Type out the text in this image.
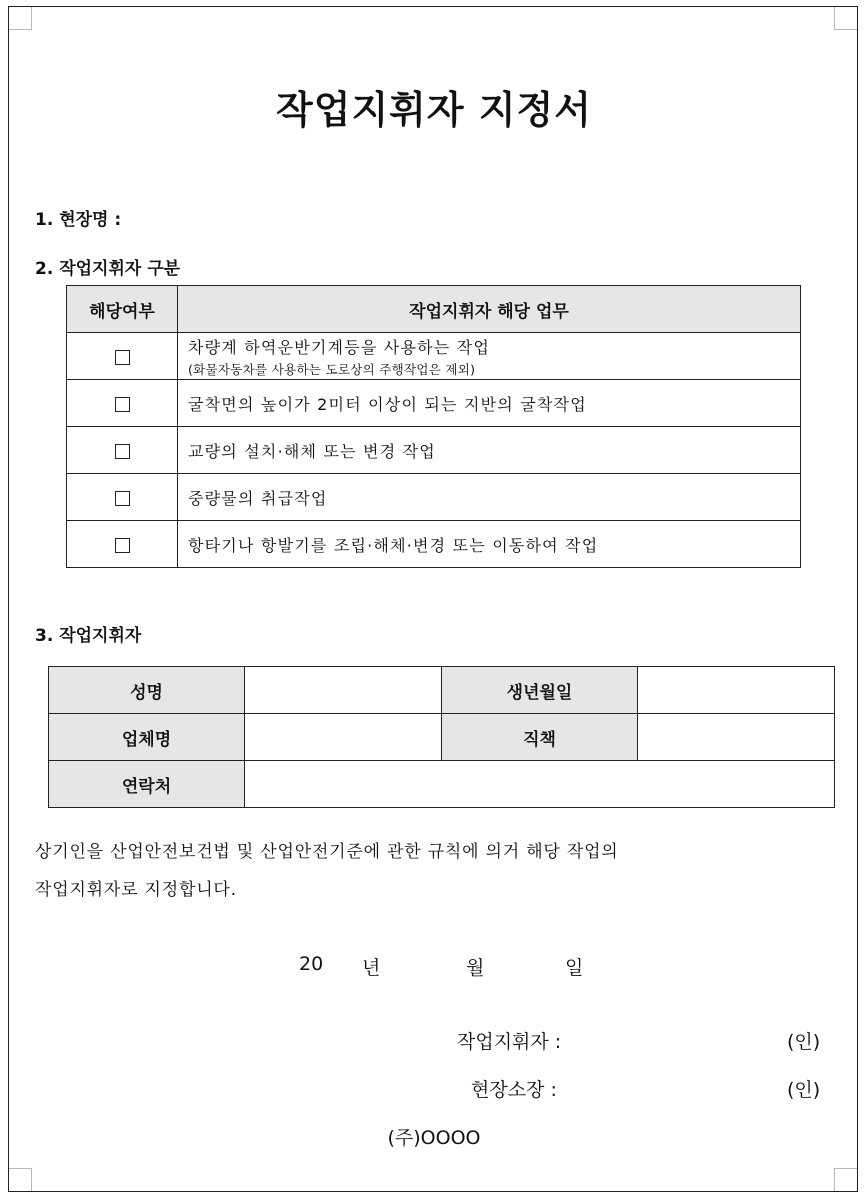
작업지휘자 지정서
1. 현장명 :
2. 작업지휘자 구분
해당여부	작업지휘자 해당 업무
	차량계 하역운반기계등을 사용하는 작업
(화물자동차를 사용하는 도로상의 주행작업은 제외)

	굴착면의 높이가 2미터 이상이 되는 지반의 굴착작업
	교량의 설치·해체 또는 변경 작업
	중량물의 취급작업
	항타기나 항발기를 조립·해체·변경 또는 이동하여 작업
3. 작업지휘자
성명		생년월일	
업체명		직책	
연락처			
상기인을 산업안전보건법 및 산업안전기준에 관한 규칙에 의거 해당 작업의
작업지휘자로 지정합니다.
20 년	월	일
작업지휘자 :	(인)
현장소장 :	(인)
(주)OOOO
